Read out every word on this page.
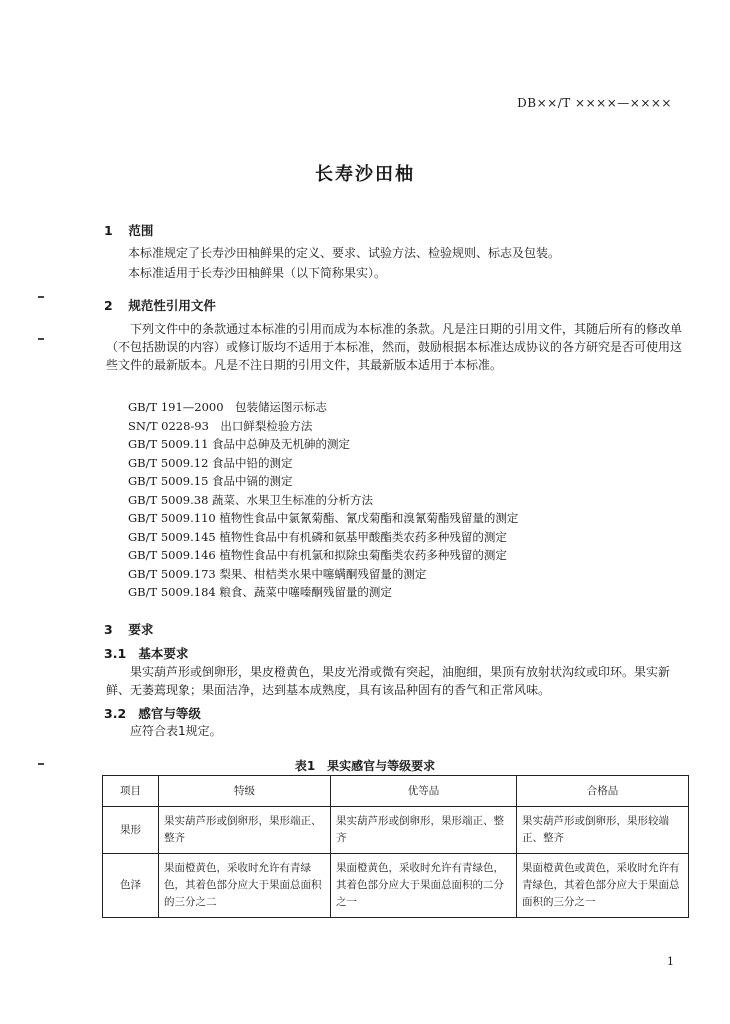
DB××/T ××××—××××
长寿沙田柚
1 范围
本标准规定了长寿沙田柚鲜果的定义、要求、试验方法、检验规则、标志及包装。
本标准适用于长寿沙田柚鲜果（以下简称果实）。
2 规范性引用文件
下列文件中的条款通过本标准的引用而成为本标准的条款。凡是注日期的引用文件，其随后所有的修改单（不包括勘误的内容）或修订版均不适用于本标准，然而，鼓励根据本标准达成协议的各方研究是否可使用这些文件的最新版本。凡是不注日期的引用文件，其最新版本适用于本标准。
GB/T 191—2000　包装储运图示标志
SN/T 0228-93　出口鲜梨检验方法
GB/T 5009.11 食品中总砷及无机砷的测定
GB/T 5009.12 食品中铅的测定
GB/T 5009.15 食品中镉的测定
GB/T 5009.38 蔬菜、水果卫生标准的分析方法
GB/T 5009.110 植物性食品中氯氰菊酯、氰戊菊酯和溴氰菊酯残留量的测定
GB/T 5009.145 植物性食品中有机磷和氨基甲酸酯类农药多种残留的测定
GB/T 5009.146 植物性食品中有机氯和拟除虫菊酯类农药多种残留的测定
GB/T 5009.173 梨果、柑桔类水果中噻螨酮残留量的测定
GB/T 5009.184 粮食、蔬菜中噻嗪酮残留量的测定
3 要求
3.1 基本要求
果实葫芦形或倒卵形，果皮橙黄色，果皮光滑或微有突起，油胞细，果顶有放射状沟纹或印环。果实新鲜、无萎蔫现象；果面洁净，达到基本成熟度，具有该品种固有的香气和正常风味。
3.2 感官与等级
应符合表1规定。
表1　果实感官与等级要求
项目	特级	优等品	合格品
果形	果实葫芦形或倒卵形，果形端正、整齐	果实葫芦形或倒卵形，果形端正、整齐	果实葫芦形或倒卵形，果形较端正、整齐
色泽	果面橙黄色，采收时允许有青绿色，其着色部分应大于果面总面积的三分之二	果面橙黄色，采收时允许有青绿色，其着色部分应大于果面总面积的二分之一	果面橙黄色或黄色，采收时允许有青绿色，其着色部分应大于果面总面积的三分之一
1
